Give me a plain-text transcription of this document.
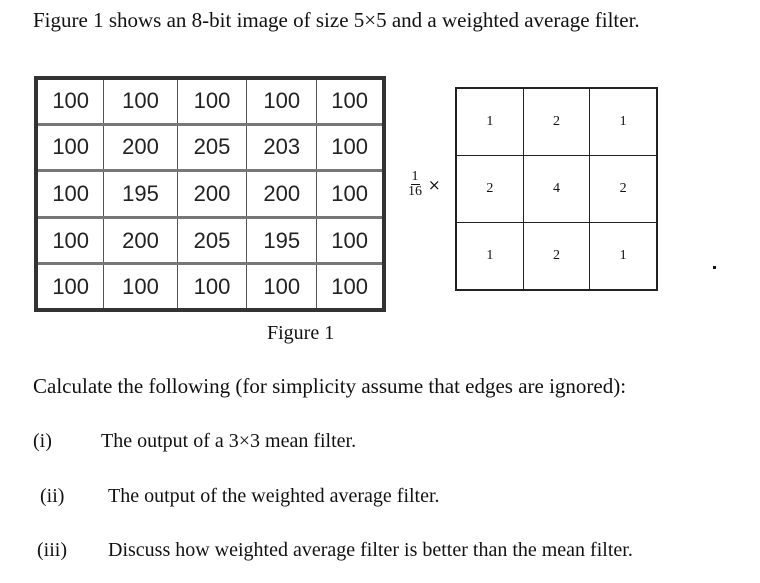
Figure 1 shows an 8-bit image of size 5×5 and a weighted average filter.
100	100	100	100	100
100	200	205	203	100
100	195	200	200	100
100	200	205	195	100
100	100	100	100	100
$\frac{1}{16}$ ×
1	2	1
2	4	2
1	2	1
Figure 1
Calculate the following (for simplicity assume that edges are ignored):
(i) The output of a 3×3 mean filter.
(ii) The output of the weighted average filter.
(iii) Discuss how weighted average filter is better than the mean filter.
